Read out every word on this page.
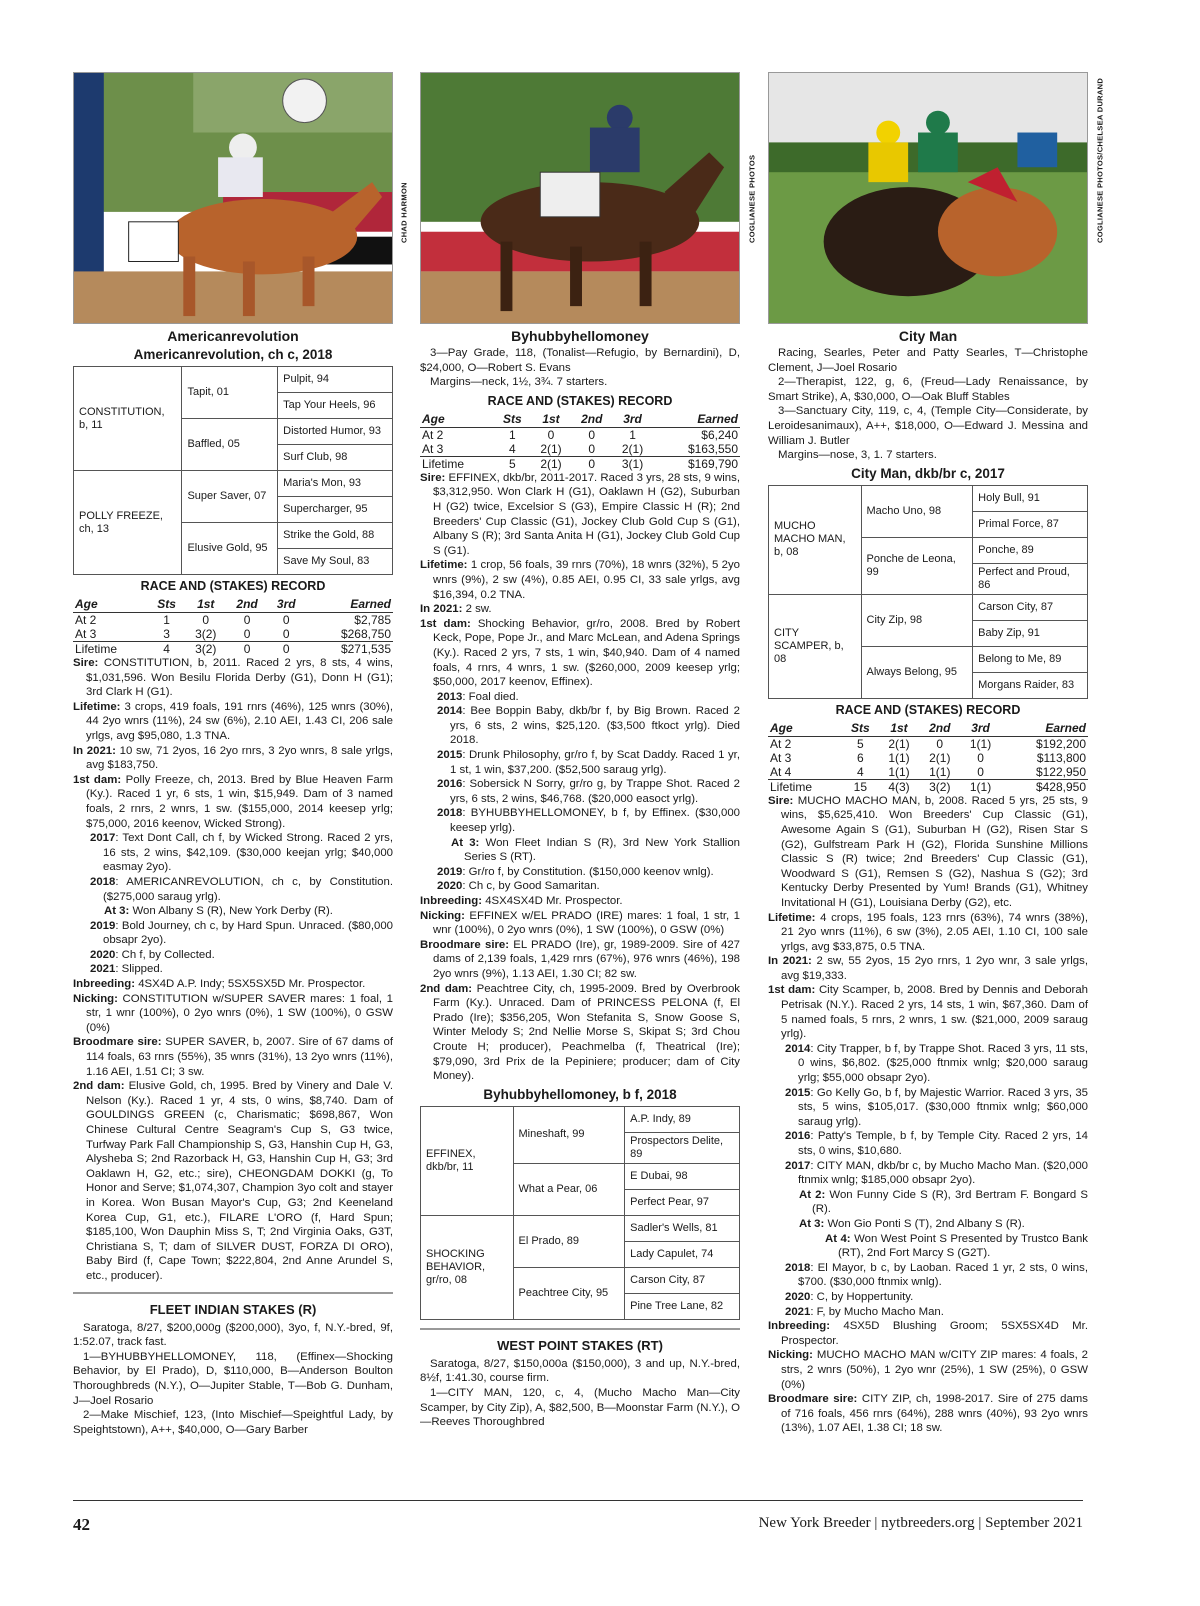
Americanrevolution
Americanrevolution, ch c, 2018
CONSTITUTION, b, 11	Tapit, 01	Pulpit, 94
		Tap Your Heels, 96
	Baffled, 05	Distorted Humor, 93
		Surf Club, 98
POLLY FREEZE, ch, 13	Super Saver, 07	Maria's Mon, 93
		Supercharger, 95
	Elusive Gold, 95	Strike the Gold, 88
		Save My Soul, 83
RACE AND (STAKES) RECORD
Age	Sts	1st	2nd	3rd	Earned
At 2	1	0	0	0	$2,785
At 3	3	3(2)	0	0	$268,750
Lifetime	4	3(2)	0	0	$271,535

Sire: CONSTITUTION, b, 2011. Raced 2 yrs, 8 sts, 4 wins, $1,031,596. Won Besilu Florida Derby (G1), Donn H (G1); 3rd Clark H (G1).

Lifetime: 3 crops, 419 foals, 191 rnrs (46%), 125 wnrs (30%), 44 2yo wnrs (11%), 24 sw (6%), 2.10 AEI, 1.43 CI, 206 sale yrlgs, avg $95,080, 1.3 TNA.

In 2021: 10 sw, 71 2yos, 16 2yo rnrs, 3 2yo wnrs, 8 sale yrlgs, avg $183,750.

1st dam: Polly Freeze, ch, 2013. Bred by Blue Heaven Farm (Ky.). Raced 1 yr, 6 sts, 1 win, $15,949. Dam of 3 named foals, 2 rnrs, 2 wnrs, 1 sw. ($155,000, 2014 keesep yrlg; $75,000, 2016 keenov, Wicked Strong).

2017: Text Dont Call, ch f, by Wicked Strong. Raced 2 yrs, 16 sts, 2 wins, $42,109. ($30,000 keejan yrlg; $40,000 easmay 2yo).

2018: AMERICANREVOLUTION, ch c, by Constitution. ($275,000 saraug yrlg).

At 3: Won Albany S (R), New York Derby (R).

2019: Bold Journey, ch c, by Hard Spun. Unraced. ($80,000 obsapr 2yo).

2020: Ch f, by Collected.

2021: Slipped.

Inbreeding: 4SX4D A.P. Indy; 5SX5SX5D Mr. Prospector.

Nicking: CONSTITUTION w/SUPER SAVER mares: 1 foal, 1 str, 1 wnr (100%), 0 2yo wnrs (0%), 1 SW (100%), 0 GSW (0%)

Broodmare sire: SUPER SAVER, b, 2007. Sire of 67 dams of 114 foals, 63 rnrs (55%), 35 wnrs (31%), 13 2yo wnrs (11%), 1.16 AEI, 1.51 CI; 3 sw.

2nd dam: Elusive Gold, ch, 1995. Bred by Vinery and Dale V. Nelson (Ky.). Raced 1 yr, 4 sts, 0 wins, $8,740. Dam of GOULDINGS GREEN (c, Charismatic; $698,867, Won Chinese Cultural Centre Seagram's Cup S, G3 twice, Turfway Park Fall Championship S, G3, Hanshin Cup H, G3, Alysheba S; 2nd Razorback H, G3, Hanshin Cup H, G3; 3rd Oaklawn H, G2, etc.; sire), CHEONGDAM DOKKI (g, To Honor and Serve; $1,074,307, Champion 3yo colt and stayer in Korea. Won Busan Mayor's Cup, G3; 2nd Keeneland Korea Cup, G1, etc.), FILARE L'ORO (f, Hard Spun; $185,100, Won Dauphin Miss S, T; 2nd Virginia Oaks, G3T, Christiana S, T; dam of SILVER DUST, FORZA DI ORO), Baby Bird (f, Cape Town; $222,804, 2nd Anne Arundel S, etc., producer).

FLEET INDIAN STAKES (R)

Saratoga, 8/27, $200,000g ($200,000), 3yo, f, N.Y.-bred, 9f, 1:52.07, track fast.

1—BYHUBBYHELLOMONEY, 118, (Effinex—Shocking Behavior, by El Prado), D, $110,000, B—Anderson Boulton Thoroughbreds (N.Y.), O—Jupiter Stable, T—Bob G. Dunham, J—Joel Rosario

2—Make Mischief, 123, (Into Mischief—Speightful Lady, by Speightstown), A++, $40,000, O—Gary Barber

CHAD HARMON
Byhubbyhellomoney

3—Pay Grade, 118, (Tonalist—Refugio, by Bernardini), D, $24,000, O—Robert S. Evans

Margins—neck, 1½, 3¾. 7 starters.

RACE AND (STAKES) RECORD
Age	Sts	1st	2nd	3rd	Earned
At 2	1	0	0	1	$6,240
At 3	4	2(1)	0	2(1)	$163,550
Lifetime	5	2(1)	0	3(1)	$169,790

Sire: EFFINEX, dkb/br, 2011-2017. Raced 3 yrs, 28 sts, 9 wins, $3,312,950. Won Clark H (G1), Oaklawn H (G2), Suburban H (G2) twice, Excelsior S (G3), Empire Classic H (R); 2nd Breeders' Cup Classic (G1), Jockey Club Gold Cup S (G1), Albany S (R); 3rd Santa Anita H (G1), Jockey Club Gold Cup S (G1).

Lifetime: 1 crop, 56 foals, 39 rnrs (70%), 18 wnrs (32%), 5 2yo wnrs (9%), 2 sw (4%), 0.85 AEI, 0.95 CI, 33 sale yrlgs, avg $16,394, 0.2 TNA.

In 2021: 2 sw.

1st dam: Shocking Behavior, gr/ro, 2008. Bred by Robert Keck, Pope, Pope Jr., and Marc McLean, and Adena Springs (Ky.). Raced 2 yrs, 7 sts, 1 win, $40,940. Dam of 4 named foals, 4 rnrs, 4 wnrs, 1 sw. ($260,000, 2009 keesep yrlg; $50,000, 2017 keenov, Effinex).

2013: Foal died.

2014: Bee Boppin Baby, dkb/br f, by Big Brown. Raced 2 yrs, 6 sts, 2 wins, $25,120. ($3,500 ftkoct yrlg). Died 2018.

2015: Drunk Philosophy, gr/ro f, by Scat Daddy. Raced 1 yr, 1 st, 1 win, $37,200. ($52,500 saraug yrlg).

2016: Sobersick N Sorry, gr/ro g, by Trappe Shot. Raced 2 yrs, 6 sts, 2 wins, $46,768. ($20,000 easoct yrlg).

2018: BYHUBBYHELLOMONEY, b f, by Effinex. ($30,000 keesep yrlg).

At 3: Won Fleet Indian S (R), 3rd New York Stallion Series S (RT).

2019: Gr/ro f, by Constitution. ($150,000 keenov wnlg).

2020: Ch c, by Good Samaritan.

Inbreeding: 4SX4SX4D Mr. Prospector.

Nicking: EFFINEX w/EL PRADO (IRE) mares: 1 foal, 1 str, 1 wnr (100%), 0 2yo wnrs (0%), 1 SW (100%), 0 GSW (0%)

Broodmare sire: EL PRADO (Ire), gr, 1989-2009. Sire of 427 dams of 2,139 foals, 1,429 rnrs (67%), 976 wnrs (46%), 198 2yo wnrs (9%), 1.13 AEI, 1.30 CI; 82 sw.

2nd dam: Peachtree City, ch, 1995-2009. Bred by Overbrook Farm (Ky.). Unraced. Dam of PRINCESS PELONA (f, El Prado (Ire); $356,205, Won Stefanita S, Snow Goose S, Winter Melody S; 2nd Nellie Morse S, Skipat S; 3rd Chou Croute H; producer), Peachmelba (f, Theatrical (Ire); $79,090, 3rd Prix de la Pepiniere; producer; dam of City Money).

Byhubbyhellomoney, b f, 2018
EFFINEX, dkb/br, 11	Mineshaft, 99	A.P. Indy, 89
		Prospectors Delite, 89
	What a Pear, 06	E Dubai, 98
		Perfect Pear, 97
SHOCKING BEHAVIOR, gr/ro, 08	El Prado, 89	Sadler's Wells, 81
		Lady Capulet, 74
	Peachtree City, 95	Carson City, 87
		Pine Tree Lane, 82
WEST POINT STAKES (RT)

Saratoga, 8/27, $150,000a ($150,000), 3 and up, N.Y.-bred, 8½f, 1:41.30, course firm.

1—CITY MAN, 120, c, 4, (Mucho Macho Man—City Scamper, by City Zip), A, $82,500, B—Moonstar Farm (N.Y.), O—Reeves Thoroughbred

COGLIANESE PHOTOS
City Man

Racing, Searles, Peter and Patty Searles, T—Christophe Clement, J—Joel Rosario

2—Therapist, 122, g, 6, (Freud—Lady Renaissance, by Smart Strike), A, $30,000, O—Oak Bluff Stables

3—Sanctuary City, 119, c, 4, (Temple City—Considerate, by Leroidesanimaux), A++, $18,000, O—Edward J. Messina and William J. Butler

Margins—nose, 3, 1. 7 starters.

City Man, dkb/br c, 2017
MUCHO MACHO MAN, b, 08	Macho Uno, 98	Holy Bull, 91
		Primal Force, 87
	Ponche de Leona, 99	Ponche, 89
		Perfect and Proud, 86
CITY SCAMPER, b, 08	City Zip, 98	Carson City, 87
		Baby Zip, 91
	Always Belong, 95	Belong to Me, 89
		Morgans Raider, 83
RACE AND (STAKES) RECORD
Age	Sts	1st	2nd	3rd	Earned
At 2	5	2(1)	0	1(1)	$192,200
At 3	6	1(1)	2(1)	0	$113,800
At 4	4	1(1)	1(1)	0	$122,950
Lifetime	15	4(3)	3(2)	1(1)	$428,950

Sire: MUCHO MACHO MAN, b, 2008. Raced 5 yrs, 25 sts, 9 wins, $5,625,410. Won Breeders' Cup Classic (G1), Awesome Again S (G1), Suburban H (G2), Risen Star S (G2), Gulfstream Park H (G2), Florida Sunshine Millions Classic S (R) twice; 2nd Breeders' Cup Classic (G1), Woodward S (G1), Remsen S (G2), Nashua S (G2); 3rd Kentucky Derby Presented by Yum! Brands (G1), Whitney Invitational H (G1), Louisiana Derby (G2), etc.

Lifetime: 4 crops, 195 foals, 123 rnrs (63%), 74 wnrs (38%), 21 2yo wnrs (11%), 6 sw (3%), 2.05 AEI, 1.10 CI, 100 sale yrlgs, avg $33,875, 0.5 TNA.

In 2021: 2 sw, 55 2yos, 15 2yo rnrs, 1 2yo wnr, 3 sale yrlgs, avg $19,333.

1st dam: City Scamper, b, 2008. Bred by Dennis and Deborah Petrisak (N.Y.). Raced 2 yrs, 14 sts, 1 win, $67,360. Dam of 5 named foals, 5 rnrs, 2 wnrs, 1 sw. ($21,000, 2009 saraug yrlg).

2014: City Trapper, b f, by Trappe Shot. Raced 3 yrs, 11 sts, 0 wins, $6,802. ($25,000 ftnmix wnlg; $20,000 saraug yrlg; $55,000 obsapr 2yo).

2015: Go Kelly Go, b f, by Majestic Warrior. Raced 3 yrs, 35 sts, 5 wins, $105,017. ($30,000 ftnmix wnlg; $60,000 saraug yrlg).

2016: Patty's Temple, b f, by Temple City. Raced 2 yrs, 14 sts, 0 wins, $10,680.

2017: CITY MAN, dkb/br c, by Mucho Macho Man. ($20,000 ftnmix wnlg; $185,000 obsapr 2yo).

At 2: Won Funny Cide S (R), 3rd Bertram F. Bongard S (R).

At 3: Won Gio Ponti S (T), 2nd Albany S (R).

At 4: Won West Point S Presented by Trustco Bank (RT), 2nd Fort Marcy S (G2T).

2018: El Mayor, b c, by Laoban. Raced 1 yr, 2 sts, 0 wins, $700. ($30,000 ftnmix wnlg).

2020: C, by Hoppertunity.

2021: F, by Mucho Macho Man.

Inbreeding: 4SX5D Blushing Groom; 5SX5SX4D Mr. Prospector.

Nicking: MUCHO MACHO MAN w/CITY ZIP mares: 4 foals, 2 strs, 2 wnrs (50%), 1 2yo wnr (25%), 1 SW (25%), 0 GSW (0%)

Broodmare sire: CITY ZIP, ch, 1998-2017. Sire of 275 dams of 716 foals, 456 rnrs (64%), 288 wnrs (40%), 93 2yo wnrs (13%), 1.07 AEI, 1.38 CI; 18 sw.

COGLIANESE PHOTOS/CHELSEA DURAND
42	New York Breeder | nytbreeders.org | September 2021
